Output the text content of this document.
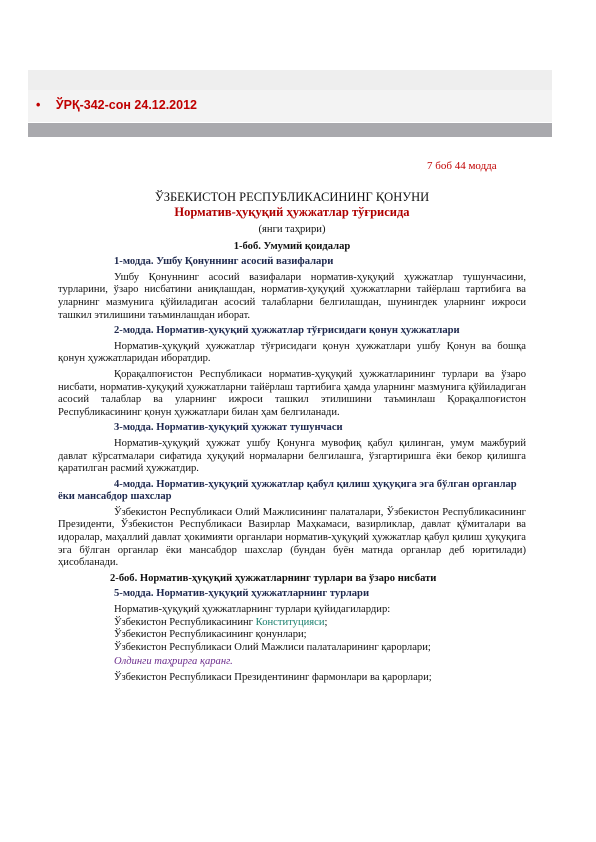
• ЎРҚ-342-сон 24.12.2012
7 боб 44 модда
ЎЗБЕКИСТОН РЕСПУБЛИКАСИНИНГ ҚОНУНИ
Норматив-ҳуқуқий ҳужжатлар тўғрисида
(янги таҳрири)
1-боб. Умумий қоидалар
1-модда. Ушбу Қонуннинг асосий вазифалари
Ушбу Қонуннинг асосий вазифалари норматив-ҳуқуқий ҳужжатлар тушунчасини, турларини, ўзаро нисбатини аниқлашдан, норматив-ҳуқуқий ҳужжатларни тайёрлаш тартибига ва уларнинг мазмунига қўйиладиган асосий талабларни белгилашдан, шунингдек уларнинг ижроси ташкил этилишини таъминлашдан иборат.
2-модда. Норматив-ҳуқуқий ҳужжатлар тўғрисидаги қонун ҳужжатлари
Норматив-ҳуқуқий ҳужжатлар тўғрисидаги қонун ҳужжатлари ушбу Қонун ва бошқа қонун ҳужжатларидан иборатдир.
Қорақалпоғистон Республикаси норматив-ҳуқуқий ҳужжатларининг турлари ва ўзаро нисбати, норматив-ҳуқуқий ҳужжатларни тайёрлаш тартибига ҳамда уларнинг мазмунига қўйиладиган асосий талаблар ва уларнинг ижроси ташкил этилишини таъминлаш Қорақалпоғистон Республикасининг қонун ҳужжатлари билан ҳам белгиланади.
3-модда. Норматив-ҳуқуқий ҳужжат тушунчаси
Норматив-ҳуқуқий ҳужжат ушбу Қонунга мувофиқ қабул қилинган, умум мажбурий давлат кўрсатмалари сифатида ҳуқуқий нормаларни белгилашга, ўзгартиришга ёки бекор қилишга қаратилган расмий ҳужжатдир.
4-модда. Норматив-ҳуқуқий ҳужжатлар қабул қилиш ҳуқуқига эга бўлган органлар ёки мансабдор шахслар
Ўзбекистон Республикаси Олий Мажлисининг палаталари, Ўзбекистон Республикасининг Президенти, Ўзбекистон Республикаси Вазирлар Маҳкамаси, вазирликлар, давлат қўмиталари ва идоралар, маҳаллий давлат ҳокимияти органлари норматив-ҳуқуқий ҳужжатлар қабул қилиш ҳуқуқига эга бўлган органлар ёки мансабдор шахслар (бундан буён матнда органлар деб юритилади) ҳисобланади.
2-боб. Норматив-ҳуқуқий ҳужжатларнинг турлари ва ўзаро нисбати
5-модда. Норматив-ҳуқуқий ҳужжатларнинг турлари
Норматив-ҳуқуқий ҳужжатларнинг турлари қуйидагилардир:
Ўзбекистон Республикасининг Конституцияси;
Ўзбекистон Республикасининг қонунлари;
Ўзбекистон Республикаси Олий Мажлиси палаталарининг қарорлари;
Олдинги таҳрирга қаранг.
Ўзбекистон Республикаси Президентининг фармонлари ва қарорлари;
